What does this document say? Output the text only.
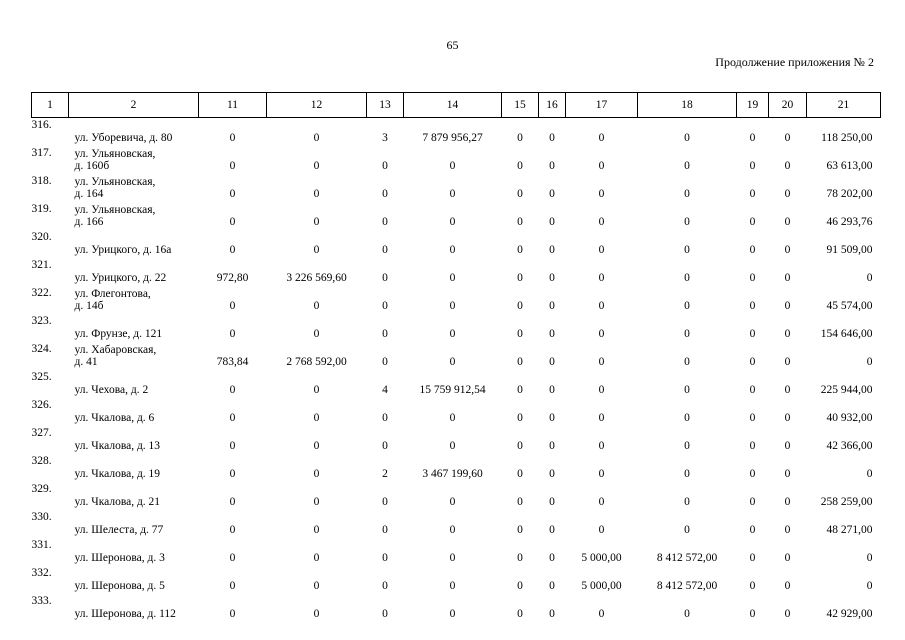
65
Продолжение приложения № 2
1	2	11	12	13	14	15	16	17	18	19	20	21
316.	ул. Уборевича, д. 80	0	0	3	7 879 956,27	0	0	0	0	0	0	118 250,00
317.	ул. Ульяновская,
д. 160б	0	0	0	0	0	0	0	0	0	0	63 613,00
318.	ул. Ульяновская,
д. 164	0	0	0	0	0	0	0	0	0	0	78 202,00
319.	ул. Ульяновская,
д. 166	0	0	0	0	0	0	0	0	0	0	46 293,76
320.	ул. Урицкого, д. 16а	0	0	0	0	0	0	0	0	0	0	91 509,00
321.	ул. Урицкого, д. 22	972,80	3 226 569,60	0	0	0	0	0	0	0	0	0
322.	ул. Флегонтова,
д. 14б	0	0	0	0	0	0	0	0	0	0	45 574,00
323.	ул. Фрунзе, д. 121	0	0	0	0	0	0	0	0	0	0	154 646,00
324.	ул. Хабаровская,
д. 41	783,84	2 768 592,00	0	0	0	0	0	0	0	0	0
325.	ул. Чехова, д. 2	0	0	4	15 759 912,54	0	0	0	0	0	0	225 944,00
326.	ул. Чкалова, д. 6	0	0	0	0	0	0	0	0	0	0	40 932,00
327.	ул. Чкалова, д. 13	0	0	0	0	0	0	0	0	0	0	42 366,00
328.	ул. Чкалова, д. 19	0	0	2	3 467 199,60	0	0	0	0	0	0	0
329.	ул. Чкалова, д. 21	0	0	0	0	0	0	0	0	0	0	258 259,00
330.	ул. Шелеста, д. 77	0	0	0	0	0	0	0	0	0	0	48 271,00
331.	ул. Шеронова, д. 3	0	0	0	0	0	0	5 000,00	8 412 572,00	0	0	0
332.	ул. Шеронова, д. 5	0	0	0	0	0	0	5 000,00	8 412 572,00	0	0	0
333.	ул. Шеронова, д. 112	0	0	0	0	0	0	0	0	0	0	42 929,00
